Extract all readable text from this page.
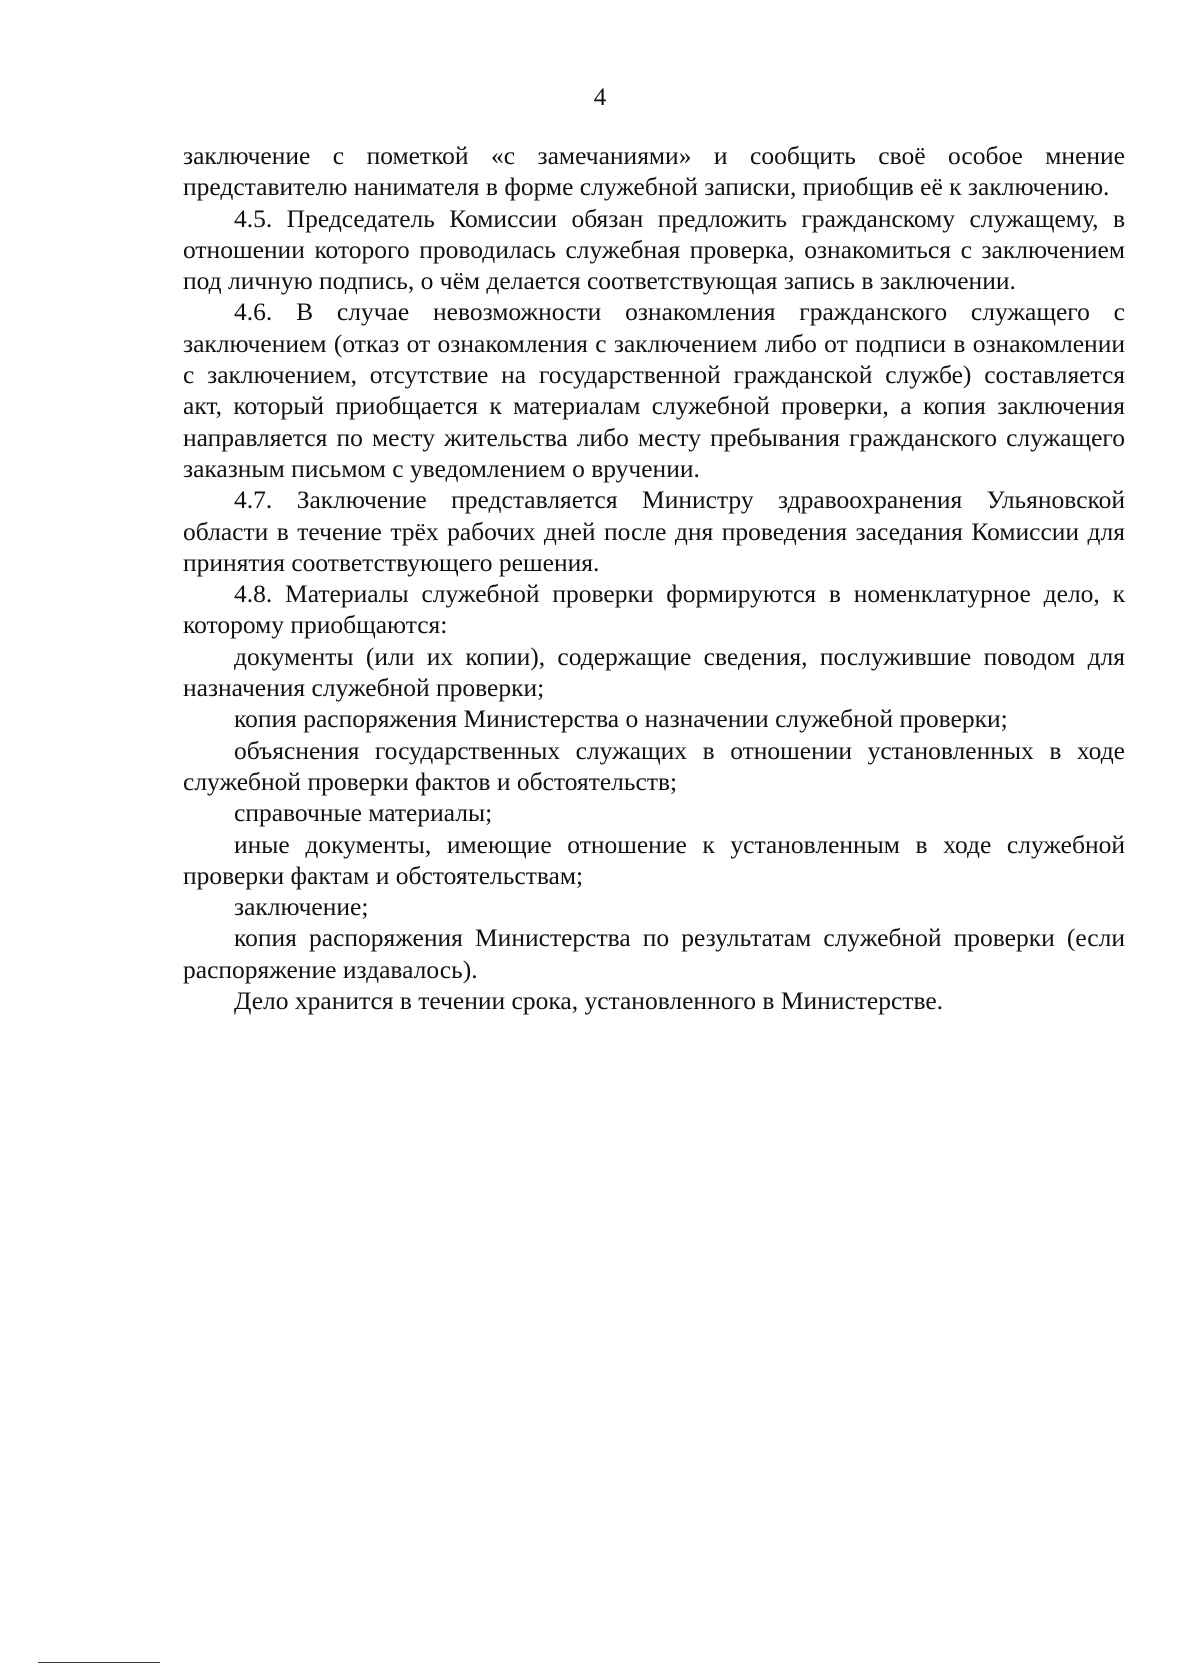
4

заключение с пометкой «с замечаниями» и сообщить своё особое мнение представителю нанимателя в форме служебной записки, приобщив её к заключению.

4.5. Председатель Комиссии обязан предложить гражданскому служащему, в отношении которого проводилась служебная проверка, ознакомиться с заключением под личную подпись, о чём делается соответствующая запись в заключении.

4.6. В случае невозможности ознакомления гражданского служащего с заключением (отказ от ознакомления с заключением либо от подписи в ознакомлении с заключением, отсутствие на государственной гражданской службе) составляется акт, который приобщается к материалам служебной проверки, а копия заключения направляется по месту жительства либо месту пребывания гражданского служащего заказным письмом с уведомлением о вручении.

4.7. Заключение представляется Министру здравоохранения Ульяновской области в течение трёх рабочих дней после дня проведения заседания Комиссии для принятия соответствующего решения.

4.8. Материалы служебной проверки формируются в номенклатурное дело, к которому приобщаются:

документы (или их копии), содержащие сведения, послужившие поводом для назначения служебной проверки;

копия распоряжения Министерства о назначении служебной проверки;

объяснения государственных служащих в отношении установленных в ходе служебной проверки фактов и обстоятельств;

справочные материалы;

иные документы, имеющие отношение к установленным в ходе служебной проверки фактам и обстоятельствам;

заключение;

копия распоряжения Министерства по результатам служебной проверки (если распоряжение издавалось).

Дело хранится в течении срока, установленного в Министерстве.
